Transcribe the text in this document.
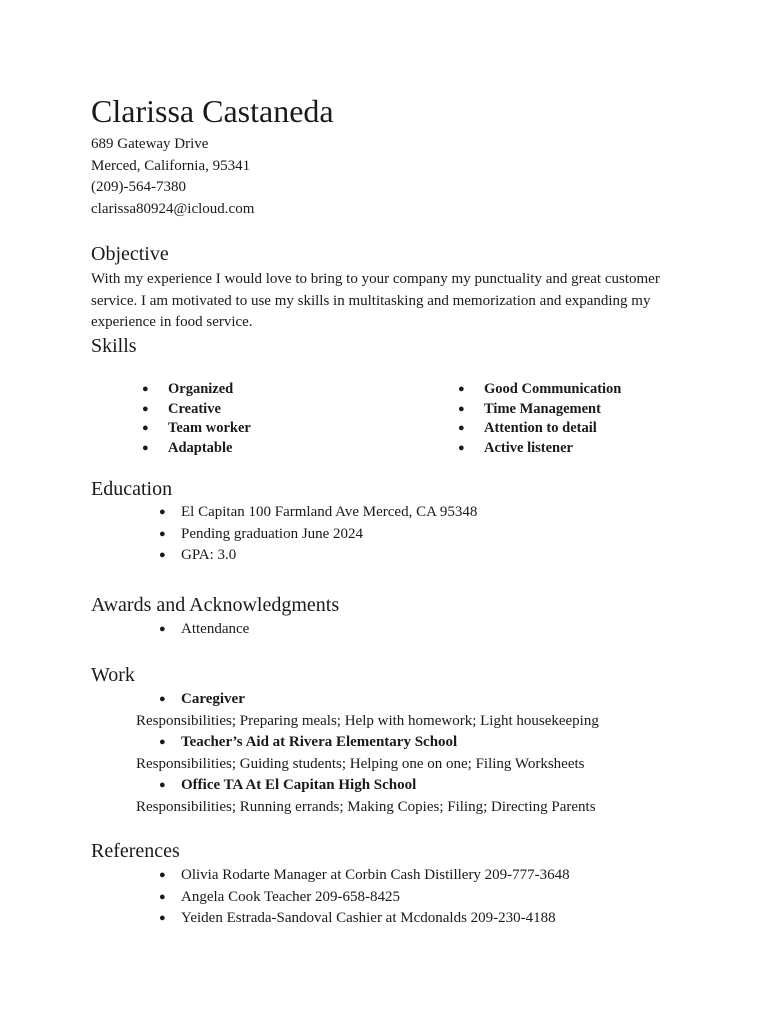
Clarissa Castaneda
689 Gateway Drive
Merced, California, 95341
(209)-564-7380
clarissa80924@icloud.com
Objective

With my experience I would love to bring to your company my punctuality and great customer service. I am motivated to use my skills in multitasking and memorization and expanding my experience in food service.

Skills
● Organized
● Creative
● Team worker
● Adaptable
● Good Communication
● Time Management
● Attention to detail
● Active listener
Education
● El Capitan 100 Farmland Ave Merced, CA 95348
● Pending graduation June 2024
● GPA: 3.0
Awards and Acknowledgments
● Attendance
Work
● Caregiver
Responsibilities; Preparing meals; Help with homework; Light housekeeping
● Teacher’s Aid at Rivera Elementary School
Responsibilities; Guiding students; Helping one on one; Filing Worksheets
● Office TA At El Capitan High School
Responsibilities; Running errands; Making Copies; Filing; Directing Parents
References
● Olivia Rodarte Manager at Corbin Cash Distillery 209-777-3648
● Angela Cook Teacher 209-658-8425
● Yeiden Estrada-Sandoval Cashier at Mcdonalds 209-230-4188
